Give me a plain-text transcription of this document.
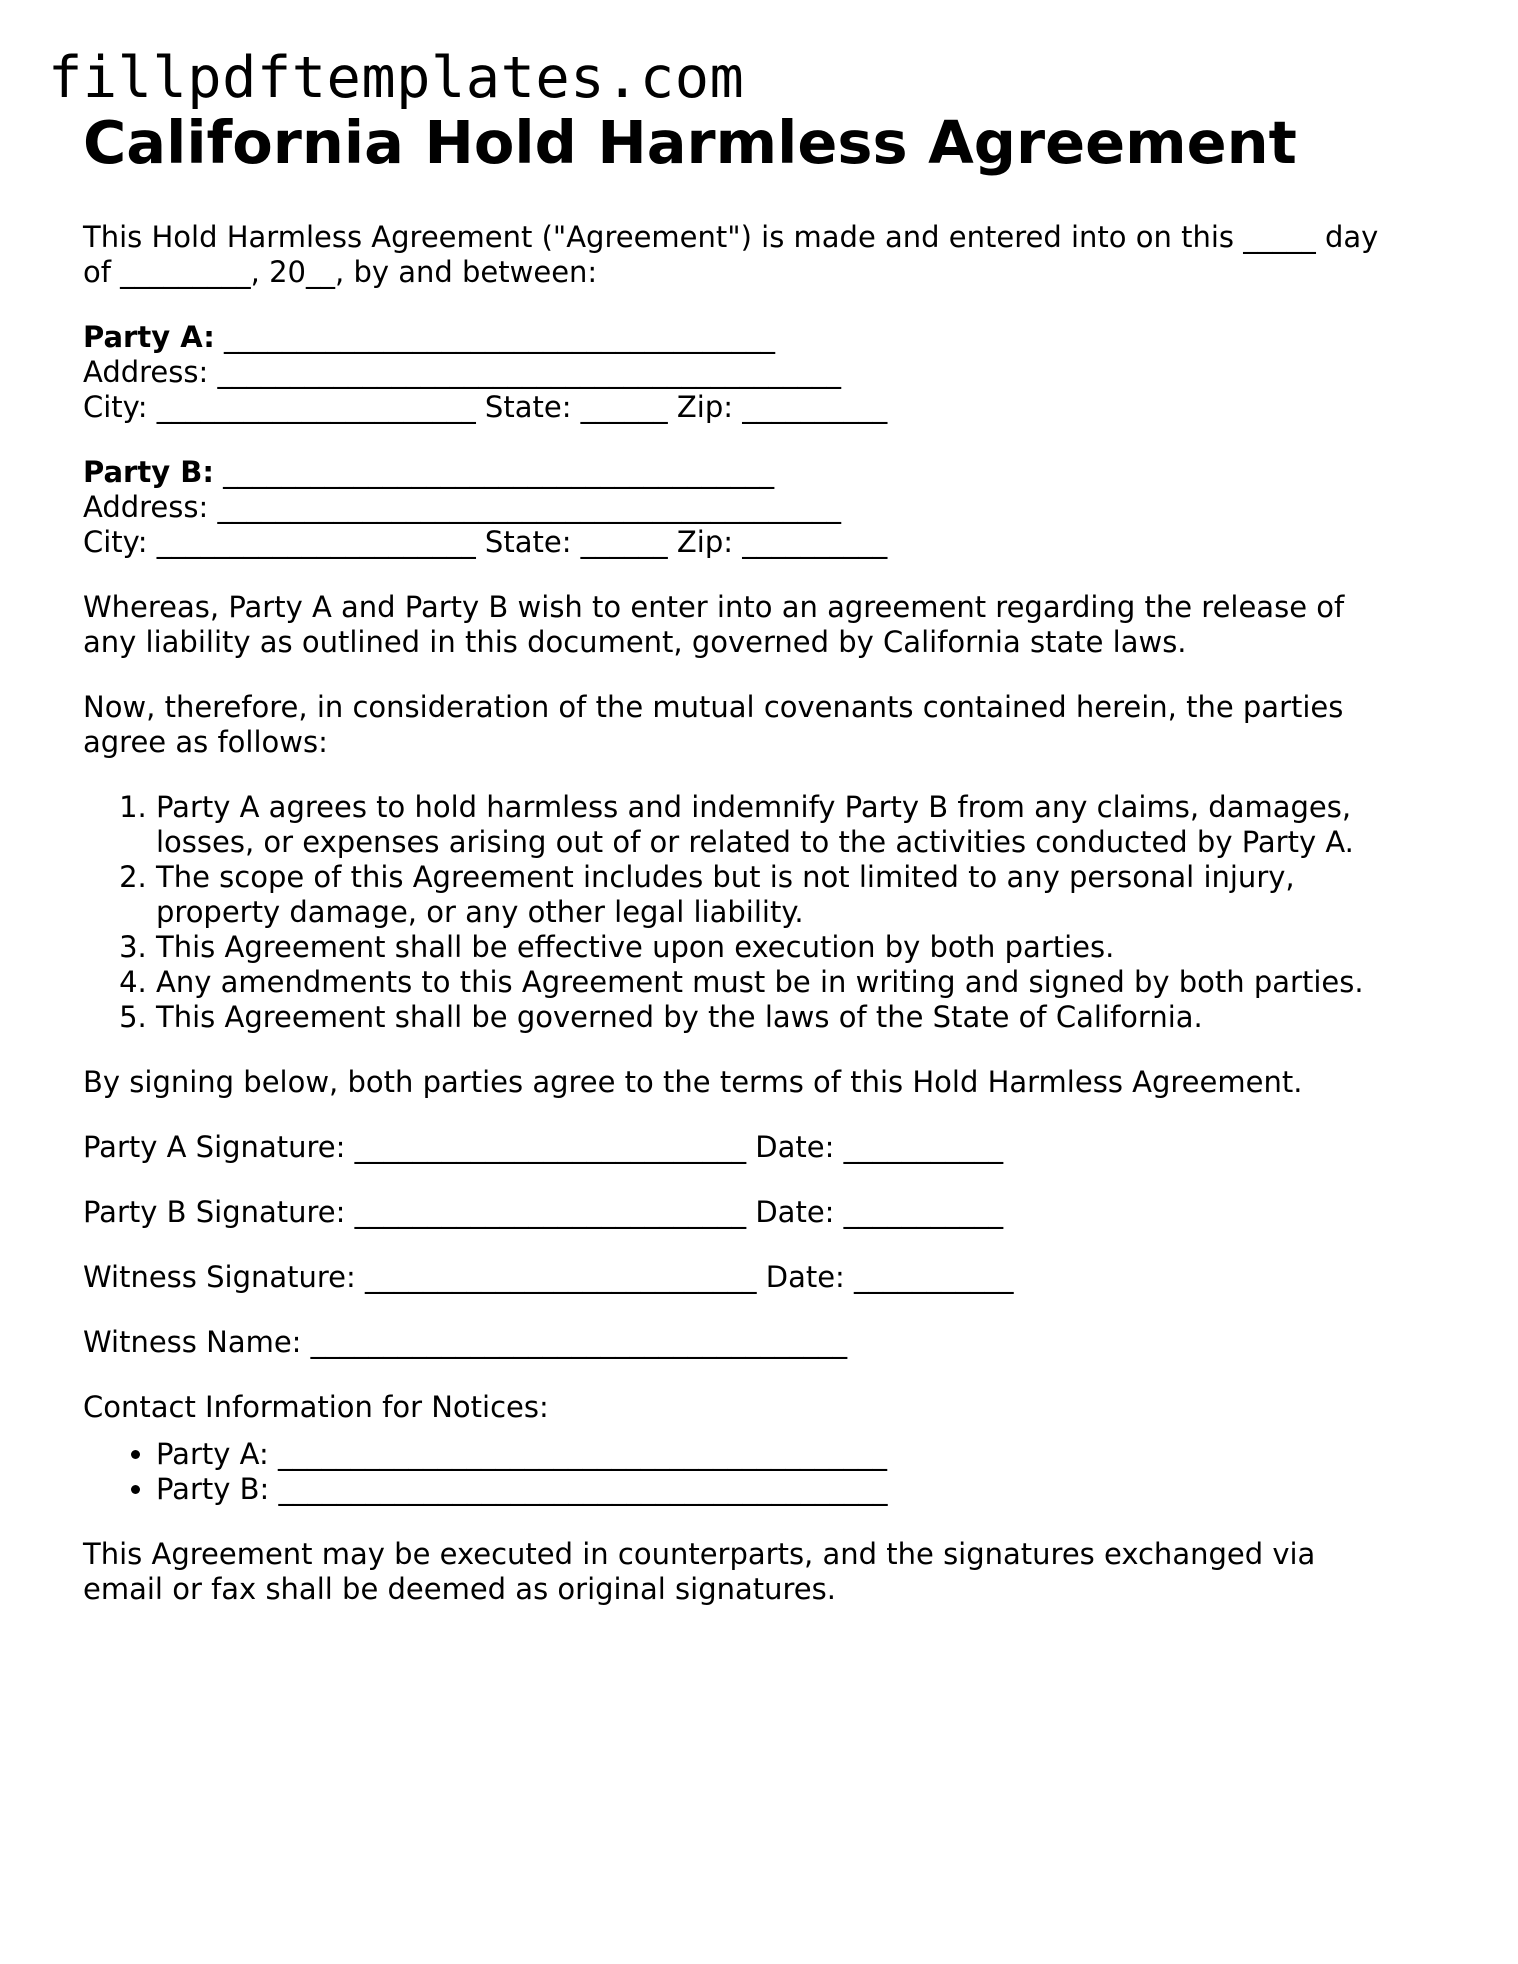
fillpdftemplates.com
California Hold Harmless Agreement

This Hold Harmless Agreement ("Agreement") is made and entered into on this _____ day
of _________, 20__, by and between:

Party A: ______________________________________
Address: ___________________________________________
City: ______________________ State: ______ Zip: __________

Party B: ______________________________________
Address: ___________________________________________
City: ______________________ State: ______ Zip: __________

Whereas, Party A and Party B wish to enter into an agreement regarding the release of
any liability as outlined in this document, governed by California state laws.

Now, therefore, in consideration of the mutual covenants contained herein, the parties
agree as follows:

1. Party A agrees to hold harmless and indemnify Party B from any claims, damages,
losses, or expenses arising out of or related to the activities conducted by Party A.
2. The scope of this Agreement includes but is not limited to any personal injury,
property damage, or any other legal liability.
3. This Agreement shall be effective upon execution by both parties.
4. Any amendments to this Agreement must be in writing and signed by both parties.
5. This Agreement shall be governed by the laws of the State of California.

By signing below, both parties agree to the terms of this Hold Harmless Agreement.

Party A Signature: ___________________________ Date: ___________
Party B Signature: ___________________________ Date: ___________
Witness Signature: ___________________________ Date: ___________
Witness Name: _____________________________________

Contact Information for Notices:

• Party A: __________________________________________
• Party B: __________________________________________

This Agreement may be executed in counterparts, and the signatures exchanged via
email or fax shall be deemed as original signatures.
